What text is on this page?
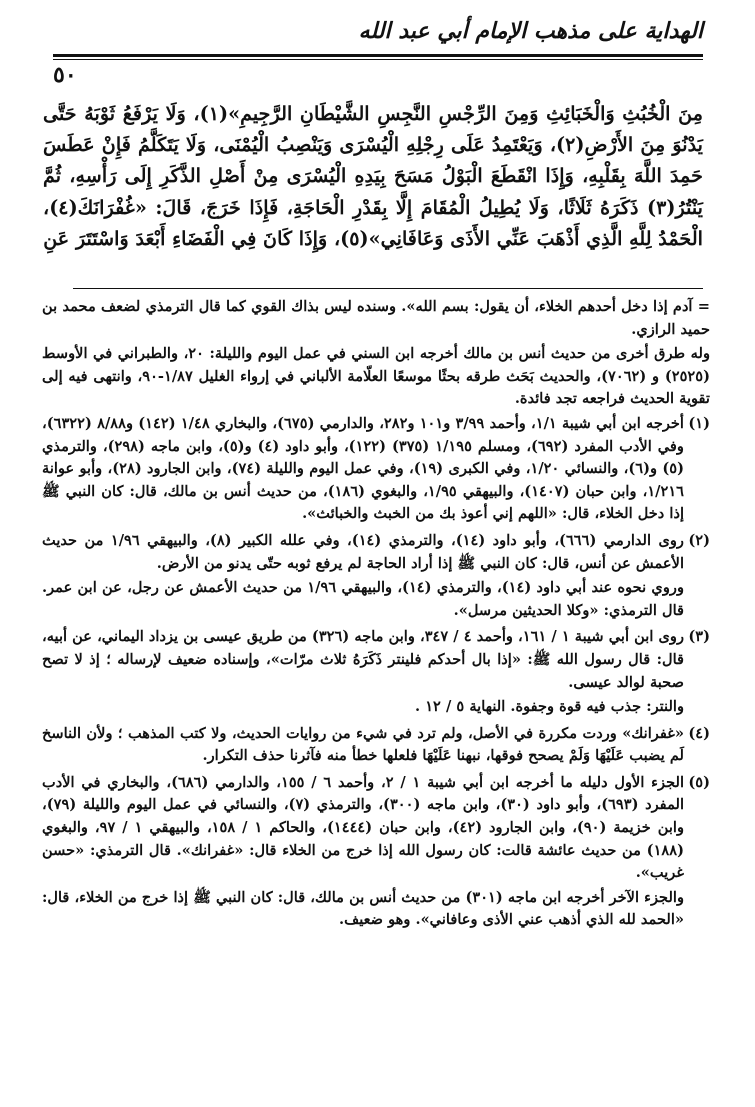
الهداية على مذهب الإمام أبي عبد الله
٥٠

مِنَ الْخُبُثِ وَالْخَبَائِثِ وَمِنَ الرِّجْسِ النَّجِسِ الشَّيْطَانِ الرَّجِيمِ»(١)، وَلَا يَرْفَعُ ثَوْبَهُ حَتَّى يَدْنُوَ مِنَ الأَرْضِ(٢)، وَيَعْتَمِدُ عَلَى رِجْلِهِ الْيُسْرَى وَيَنْصِبُ الْيُمْنَى، وَلَا يَتَكَلَّمُ فَإِنْ عَطَسَ حَمِدَ اللَّهَ بِقَلْبِهِ، وَإِذَا انْقَطَعَ الْبَوْلُ مَسَحَ بِيَدِهِ الْيُسْرَى مِنْ أَصْلِ الذَّكَرِ إِلَى رَأْسِهِ، ثُمَّ يَنْتُرُ(٣) ذَكَرَهُ ثَلَاثًا، وَلَا يُطِيلُ الْمُقَامَ إِلَّا بِقَدْرِ الْحَاجَةِ، فَإِذَا خَرَجَ، قَالَ: «غُفْرَانَكَ(٤)، الْحَمْدُ لِلَّهِ الَّذِي أَذْهَبَ عَنِّي الأَذَى وَعَافَانِي»(٥)، وَإِذَا كَانَ فِي الْفَضَاءِ أَبْعَدَ وَاسْتَتَرَ عَنِ

= آدم إذا دخل أحدهم الخلاء، أن يقول: بسم الله». وسنده ليس بذاك القوي كما قال الترمذي لضعف محمد بن حميد الرازي.

وله طرق أخرى من حديث أنس بن مالك أخرجه ابن السني في عمل اليوم والليلة: ٢٠، والطبراني في الأوسط (٢٥٢٥) و (٧٠٦٢)، والحديث بَحَث طرقه بحثًا موسعًا العلّامة الألباني في إرواء الغليل ١/٨٧-٩٠، وانتهى فيه إلى تقوية الحديث فراجعه تجد فائدة.

(١)

أخرجه ابن أبي شيبة ١/١، وأحمد ٣/٩٩ و١٠١ و٢٨٢، والدارمي (٦٧٥)، والبخاري ١/٤٨ (١٤٢) و٨/٨٨ (٦٣٢٢)، وفي الأدب المفرد (٦٩٢)، ومسلم ١/١٩٥ (٣٧٥) (١٢٢)، وأبو داود (٤) و(٥)، وابن ماجه (٢٩٨)، والترمذي (٥) و(٦)، والنسائي ١/٢٠، وفي الكبرى (١٩)، وفي عمل اليوم والليلة (٧٤)، وابن الجارود (٢٨)، وأبو عوانة ١/٢١٦، وابن حبان (١٤٠٧)، والبيهقي ١/٩٥، والبغوي (١٨٦)، من حديث أنس بن مالك، قال: كان النبي ﷺ إذا دخل الخلاء، قال: «اللهم إني أعوذ بك من الخبث والخبائث».

(٢)

روى الدارمي (٦٦٦)، وأبو داود (١٤)، والترمذي (١٤)، وفي علله الكبير (٨)، والبيهقي ١/٩٦ من حديث الأعمش عن أنس، قال: كان النبي ﷺ إذا أراد الحاجة لم يرفع ثوبه حتّى يدنو من الأرض.

وروي نحوه عند أبي داود (١٤)، والترمذي (١٤)، والبيهقي ١/٩٦ من حديث الأعمش عن رجل، عن ابن عمر. قال الترمذي: «وكلا الحديثين مرسل».

(٣)

روى ابن أبي شيبة ١ / ١٦١، وأحمد ٤ / ٣٤٧، وابن ماجه (٣٢٦) من طريق عيسى بن يزداد اليماني، عن أبيه، قال: قال رسول الله ﷺ: «إذا بال أحدكم فلينتر ذَكَرَهُ ثلاث مرّات»، وإسناده ضعيف لإرساله ؛ إذ لا تصح صحبة لوالد عيسى.

والنتر: جذب فيه قوة وجفوة. النهاية ٥ / ١٢ .

(٤)

«غفرانك» وردت مكررة في الأصل، ولم ترد في شيء من روايات الحديث، ولا كتب المذهب ؛ ولأن الناسخ لَم يضبب عَلَيْهَا وَلَمْ يصحح فوقها، نبهنا عَلَيْهَا فلعلها خطأ منه فآثرنا حذف التكرار.

(٥)

الجزء الأول دليله ما أخرجه ابن أبي شيبة ١ / ٢، وأحمد ٦ / ١٥٥، والدارمي (٦٨٦)، والبخاري في الأدب المفرد (٦٩٣)، وأبو داود (٣٠)، وابن ماجه (٣٠٠)، والترمذي (٧)، والنسائي في عمل اليوم والليلة (٧٩)، وابن خزيمة (٩٠)، وابن الجارود (٤٢)، وابن حبان (١٤٤٤)، والحاكم ١ / ١٥٨، والبيهقي ١ / ٩٧، والبغوي (١٨٨) من حديث عائشة قالت: كان رسول الله إذا خرج من الخلاء قال: «غفرانك». قال الترمذي: «حسن غريب».

والجزء الآخر أخرجه ابن ماجه (٣٠١) من حديث أنس بن مالك، قال: كان النبي ﷺ إذا خرج من الخلاء، قال: «الحمد لله الذي أذهب عني الأذى وعافاني». وهو ضعيف.
